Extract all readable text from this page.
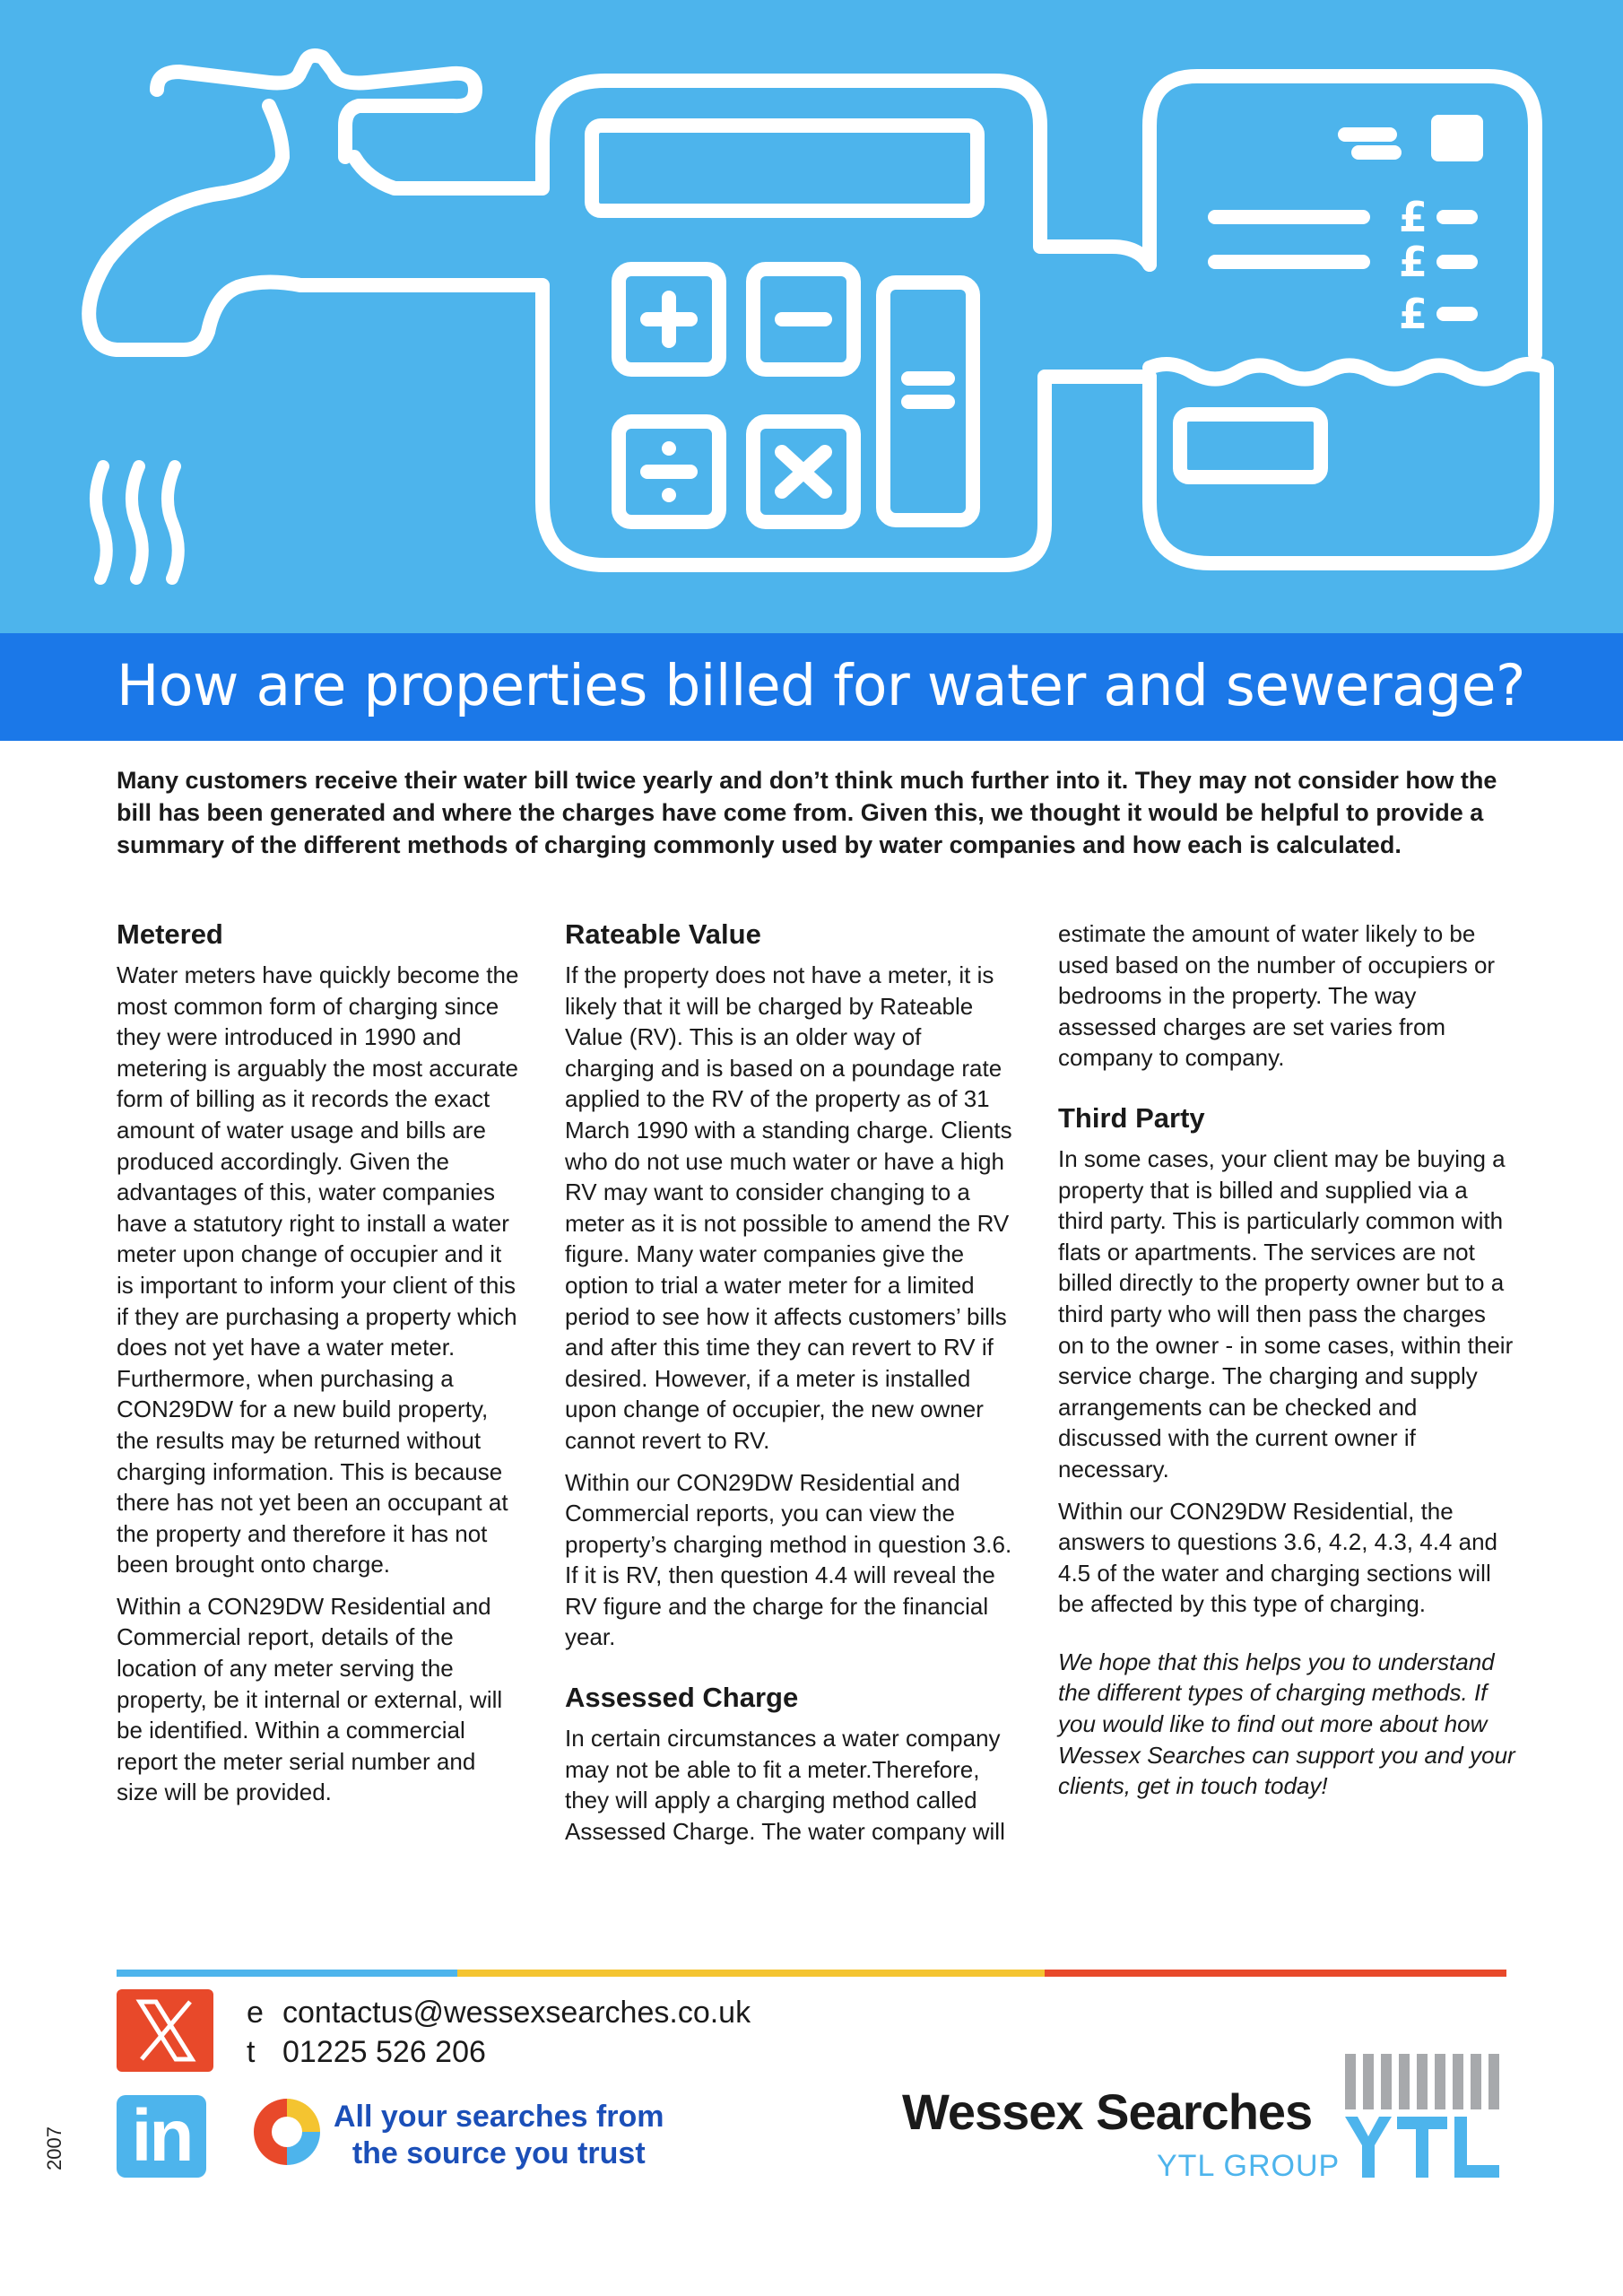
£
£
£
How are properties billed for water and sewerage?

Many customers receive their water bill twice yearly and don’t think much further into it. They may not consider how the bill has been generated and where the charges have come from. Given this, we thought it would be helpful to provide a summary of the different methods of charging commonly used by water companies and how each is calculated.

Metered

Water meters have quickly become the most common form of charging since they were introduced in 1990 and metering is arguably the most accurate form of billing as it records the exact amount of water usage and bills are produced accordingly. Given the advantages of this, water companies have a statutory right to install a water meter upon change of occupier and it is important to inform your client of this if they are purchasing a property which does not yet have a water meter. Furthermore, when purchasing a CON29DW for a new build property, the results may be returned without charging information. This is because there has not yet been an occupant at the property and therefore it has not been brought onto charge.

Within a CON29DW Residential and Commercial report, details of the location of any meter serving the property, be it internal or external, will be identified. Within a commercial report the meter serial number and size will be provided.

Rateable Value

If the property does not have a meter, it is likely that it will be charged by Rateable Value (RV). This is an older way of charging and is based on a poundage rate applied to the RV of the property as of 31 March 1990 with a standing charge. Clients who do not use much water or have a high RV may want to consider changing to a meter as it is not possible to amend the RV figure. Many water companies give the option to trial a water meter for a limited period to see how it affects customers’ bills and after this time they can revert to RV if desired. However, if a meter is installed upon change of occupier, the new owner cannot revert to RV.

Within our CON29DW Residential and Commercial reports, you can view the property’s charging method in question 3.6. If it is RV, then question 4.4 will reveal the RV figure and the charge for the financial year.

Assessed Charge

In certain circumstances a water company may not be able to fit a meter.Therefore, they will apply a charging method called Assessed Charge. The water company will

estimate the amount of water likely to be used based on the number of occupiers or bedrooms in the property. The way assessed charges are set varies from company to company.

Third Party

In some cases, your client may be buying a property that is billed and supplied via a third party. This is particularly common with flats or apartments. The services are not billed directly to the property owner but to a third party who will then pass the charges on to the owner - in some cases, within their service charge. The charging and supply arrangements can be checked and discussed with the current owner if necessary.

Within our CON29DW Residential, the answers to questions 3.6, 4.2, 4.3, 4.4 and 4.5 of the water and charging sections will be affected by this type of charging.

We hope that this helps you to understand the different types of charging methods. If you would like to find out more about how Wessex Searches can support you and your clients, get in touch today!

in
e contactus@wessexsearches.co.uk
t 01225 526 206
All your searches from
the source you trust
Wessex Searches
YTL GROUP
2007
